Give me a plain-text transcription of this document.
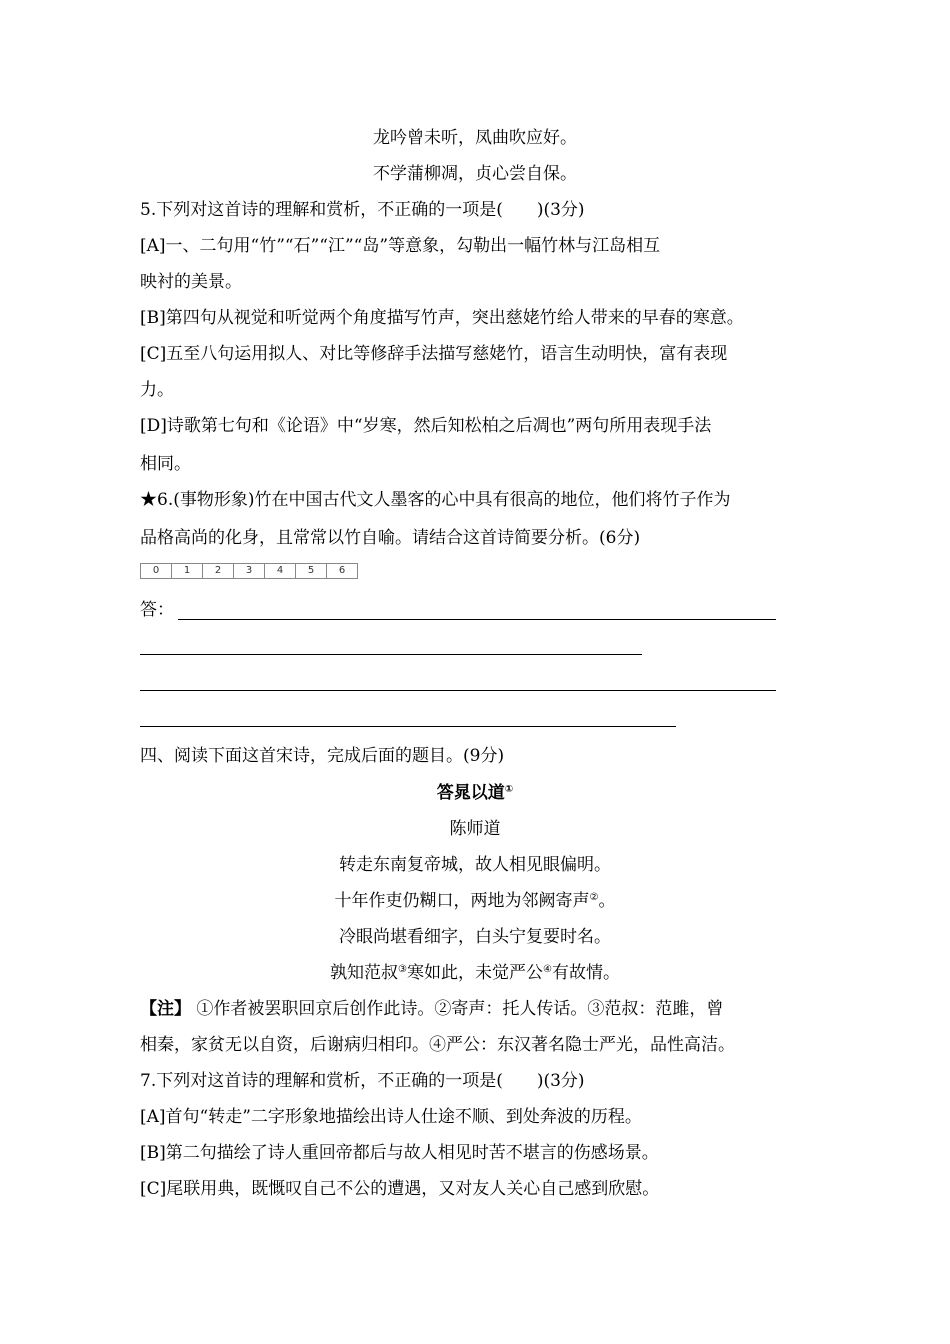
龙吟曾未听，凤曲吹应好。
不学蒲柳凋，贞心尝自保。
5.下列对这首诗的理解和赏析，不正确的一项是(　　)(3分)
[A]一、二句用“竹”“石”“江”“岛”等意象，勾勒出一幅竹林与江岛相互
映衬的美景。
[B]第四句从视觉和听觉两个角度描写竹声，突出慈姥竹给人带来的早春的寒意。
[C]五至八句运用拟人、对比等修辞手法描写慈姥竹，语言生动明快，富有表现
力。
[D]诗歌第七句和《论语》中“岁寒，然后知松柏之后凋也”两句所用表现手法
相同。
★6.(事物形象)竹在中国古代文人墨客的心中具有很高的地位，他们将竹子作为
品格高尚的化身，且常常以竹自喻。请结合这首诗简要分析。(6分)
0	1	2	3	4	5	6
答：
四、阅读下面这首宋诗，完成后面的题目。(9分)
答晁以道①
陈师道
转走东南复帝城，故人相见眼偏明。
十年作吏仍糊口，两地为邻阙寄声②。
冷眼尚堪看细字，白头宁复要时名。
孰知范叔③寒如此，未觉严公④有故情。
【注】 ①作者被罢职回京后创作此诗。②寄声：托人传话。③范叔：范雎，曾
相秦，家贫无以自资，后谢病归相印。④严公：东汉著名隐士严光，品性高洁。
7.下列对这首诗的理解和赏析，不正确的一项是(　　)(3分)
[A]首句“转走”二字形象地描绘出诗人仕途不顺、到处奔波的历程。
[B]第二句描绘了诗人重回帝都后与故人相见时苦不堪言的伤感场景。
[C]尾联用典，既慨叹自己不公的遭遇，又对友人关心自己感到欣慰。
